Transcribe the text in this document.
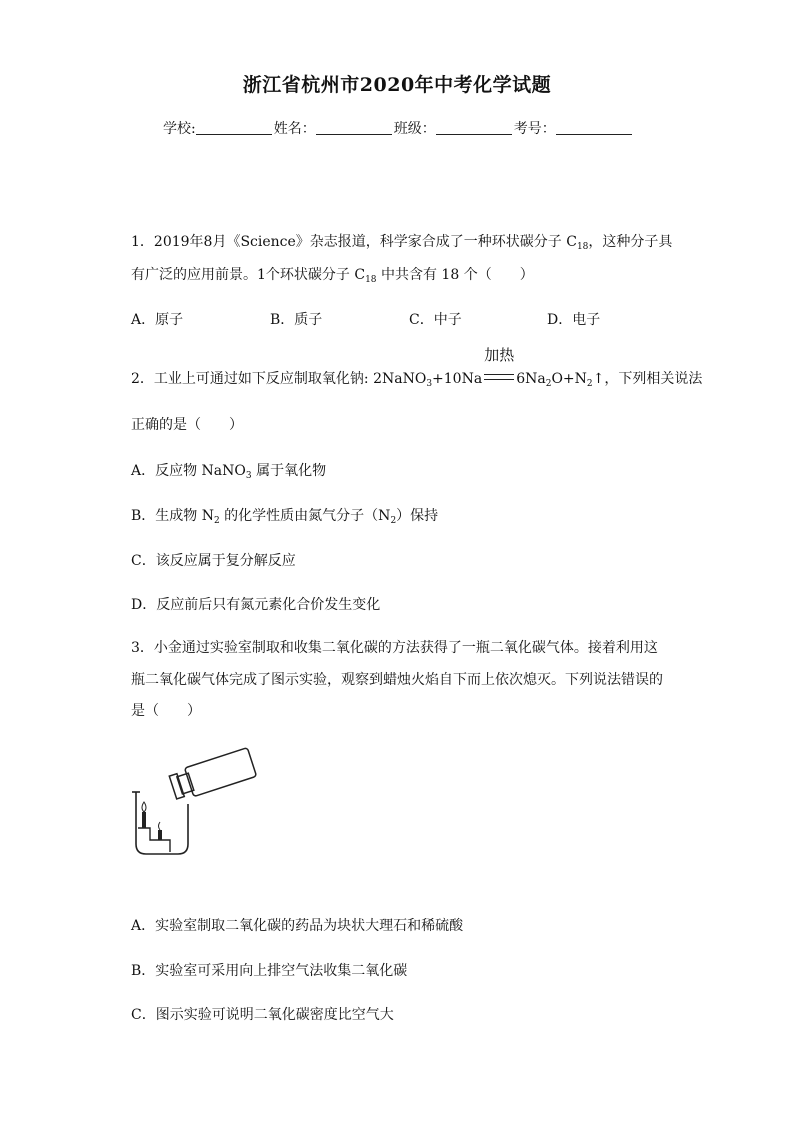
浙江省杭州市2020年中考化学试题
学校:	姓名：	班级：	考号：
1．2019年8月《Science》杂志报道，科学家合成了一种环状碳分子 $C_{18}$，这种分子具
有广泛的应用前景。1个环状碳分子 $C_{18}$ 中共含有 18 个（　　）
A．原子	B．质子	C．中子	D．电子
2．工业上可通过如下反应制取氧化钠: 2NaNO$_3$+10Na
加热
$6Na_2O+N_2↑$，下列相关说法
正确的是（　　）
A．反应物 NaNO$_3$ 属于氧化物
B．生成物 $N_2$ 的化学性质由氮气分子$(N_2)$保持
C．该反应属于复分解反应
D．反应前后只有氮元素化合价发生变化
3．小金通过实验室制取和收集二氧化碳的方法获得了一瓶二氧化碳气体。接着利用这
瓶二氧化碳气体完成了图示实验，观察到蜡烛火焰自下而上依次熄灭。下列说法错误的
是（　　）
A．实验室制取二氧化碳的药品为块状大理石和稀硫酸
B．实验室可采用向上排空气法收集二氧化碳
C．图示实验可说明二氧化碳密度比空气大
